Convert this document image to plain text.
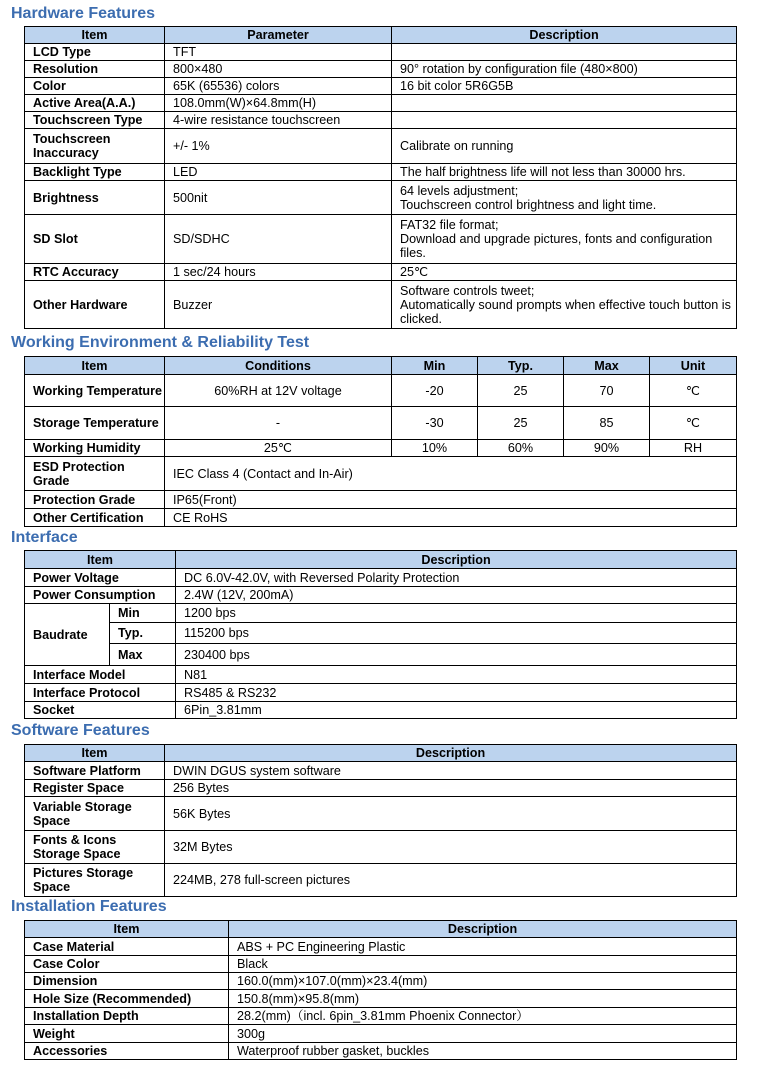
Hardware Features
Item	Parameter	Description
LCD Type	TFT	
Resolution	800×480	90° rotation by configuration file (480×800)
Color	65K (65536) colors	16 bit color 5R6G5B
Active Area(A.A.)	108.0mm(W)×64.8mm(H)	
Touchscreen Type	4-wire resistance touchscreen	
Touchscreen Inaccuracy	+/- 1%	Calibrate on running
Backlight Type	LED	The half brightness life will not less than 30000 hrs.
Brightness	500nit	64 levels adjustment;
Touchscreen control brightness and light time.
SD Slot	SD/SDHC	FAT32 file format;
Download and upgrade pictures, fonts and configuration files.
RTC Accuracy	1 sec/24 hours	25℃
Other Hardware	Buzzer	Software controls tweet;
Automatically sound prompts when effective touch button is clicked.
Working Environment & Reliability Test
Item	Conditions	Min	Typ.	Max	Unit
Working Temperature	60%RH at 12V voltage	-20	25	70	℃
Storage Temperature	-	-30	25	85	℃
Working Humidity	25℃	10%	60%	90%	RH
ESD Protection Grade	IEC Class 4 (Contact and In-Air)				
Protection Grade	IP65(Front)				
Other Certification	CE RoHS				
Interface
Item		Description
Power Voltage		DC 6.0V-42.0V, with Reversed Polarity Protection
Power Consumption		2.4W (12V, 200mA)
Baudrate	Min	1200 bps
	Typ.	115200 bps
	Max	230400 bps
Interface Model		N81
Interface Protocol		RS485 & RS232
Socket		6Pin_3.81mm
Software Features
Item	Description
Software Platform	DWIN DGUS system software
Register Space	256 Bytes
Variable Storage Space	56K Bytes
Fonts & Icons Storage Space	32M Bytes
Pictures Storage Space	224MB, 278 full-screen pictures
Installation Features
Item	Description
Case Material	ABS + PC Engineering Plastic
Case Color	Black
Dimension	160.0(mm)×107.0(mm)×23.4(mm)
Hole Size (Recommended)	150.8(mm)×95.8(mm)
Installation Depth	28.2(mm)（incl. 6pin_3.81mm Phoenix Connector）
Weight	300g
Accessories	Waterproof rubber gasket, buckles
